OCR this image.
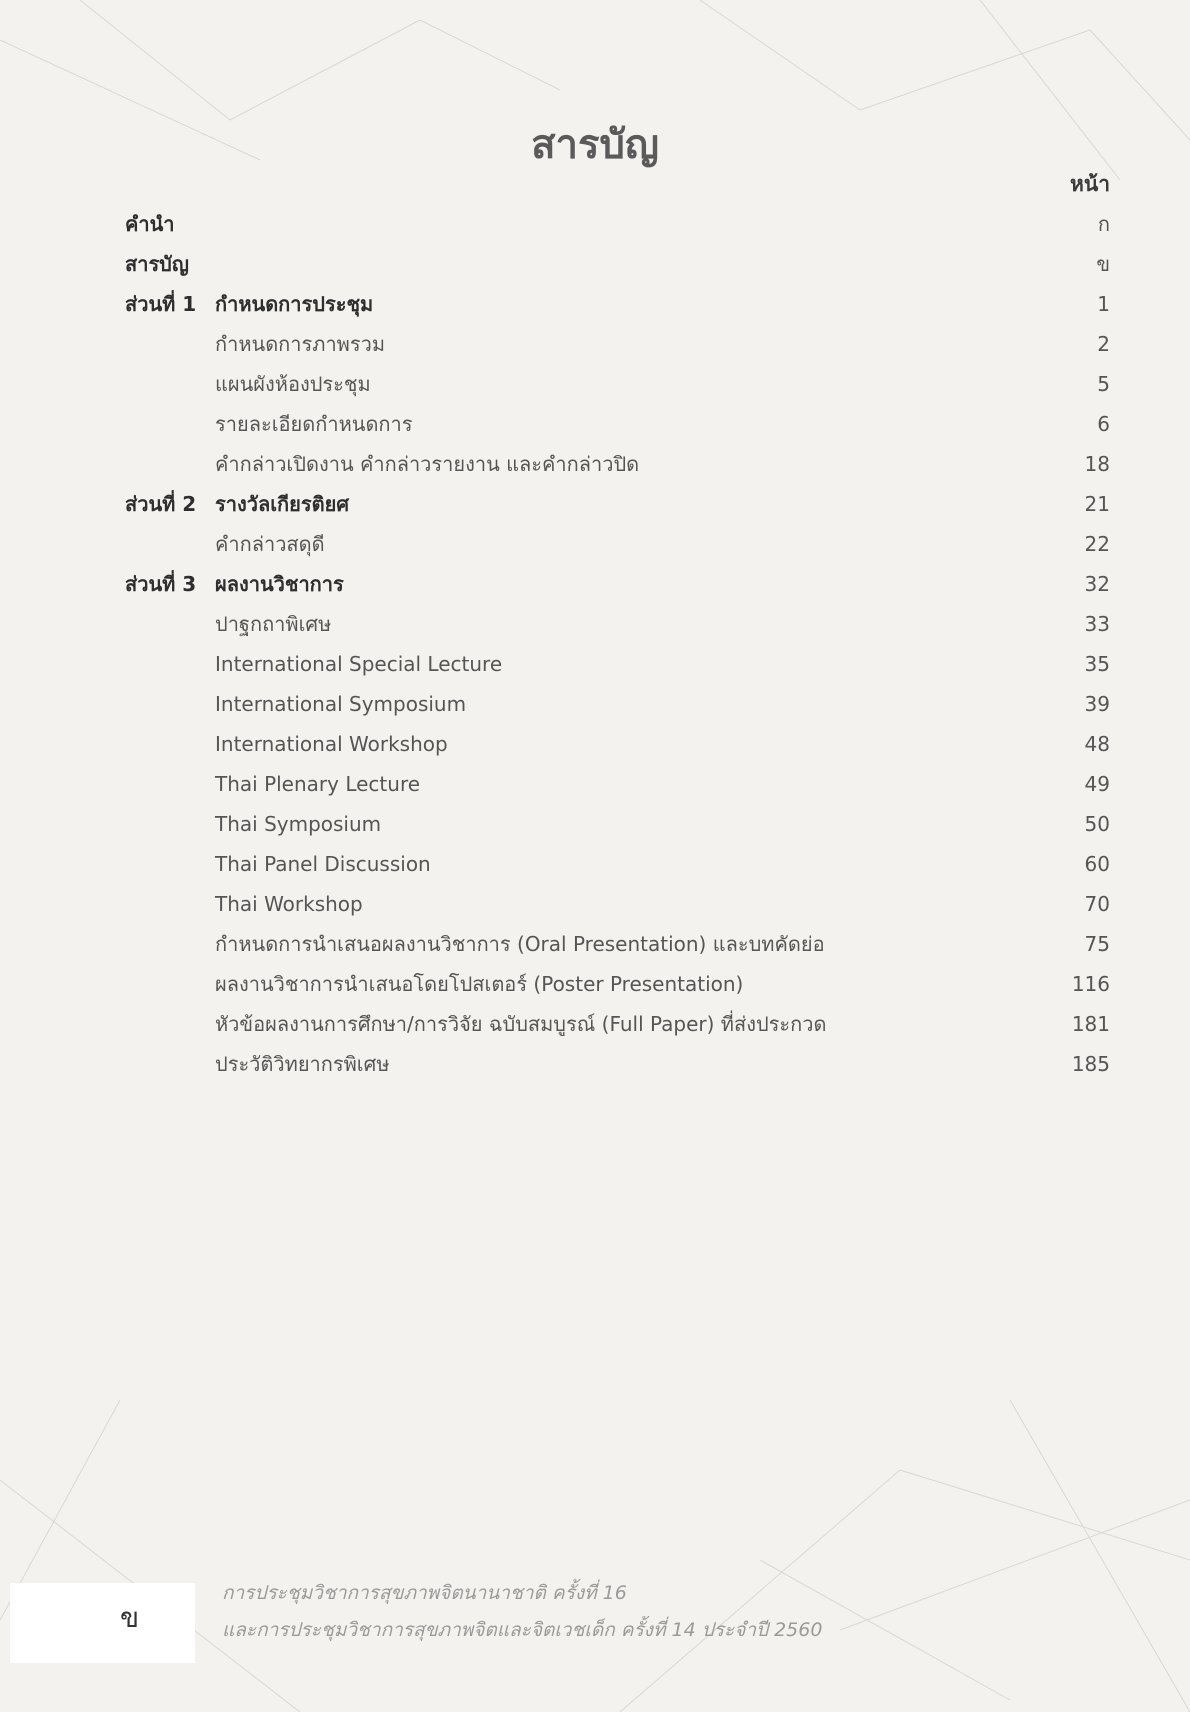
สารบัญ
หน้า
คำนำ	ก
สารบัญ	ข
ส่วนที่ 1 กำหนดการประชุม	1
กำหนดการภาพรวม	2
แผนผังห้องประชุม	5
รายละเอียดกำหนดการ	6
คำกล่าวเปิดงาน คำกล่าวรายงาน และคำกล่าวปิด	18
ส่วนที่ 2 รางวัลเกียรติยศ	21
คำกล่าวสดุดี	22
ส่วนที่ 3 ผลงานวิชาการ	32
ปาฐกถาพิเศษ	33
International Special Lecture	35
International Symposium	39
International Workshop	48
Thai Plenary Lecture	49
Thai Symposium	50
Thai Panel Discussion	60
Thai Workshop	70
กำหนดการนำเสนอผลงานวิชาการ (Oral Presentation) และบทคัดย่อ	75
ผลงานวิชาการนำเสนอโดยโปสเตอร์ (Poster Presentation)	116
หัวข้อผลงานการศึกษา/การวิจัย ฉบับสมบูรณ์ (Full Paper) ที่ส่งประกวด	181
ประวัติวิทยากรพิเศษ	185
ข
การประชุมวิชาการสุขภาพจิตนานาชาติ ครั้งที่ 16
และการประชุมวิชาการสุขภาพจิตและจิตเวชเด็ก ครั้งที่ 14 ประจำปี 2560
